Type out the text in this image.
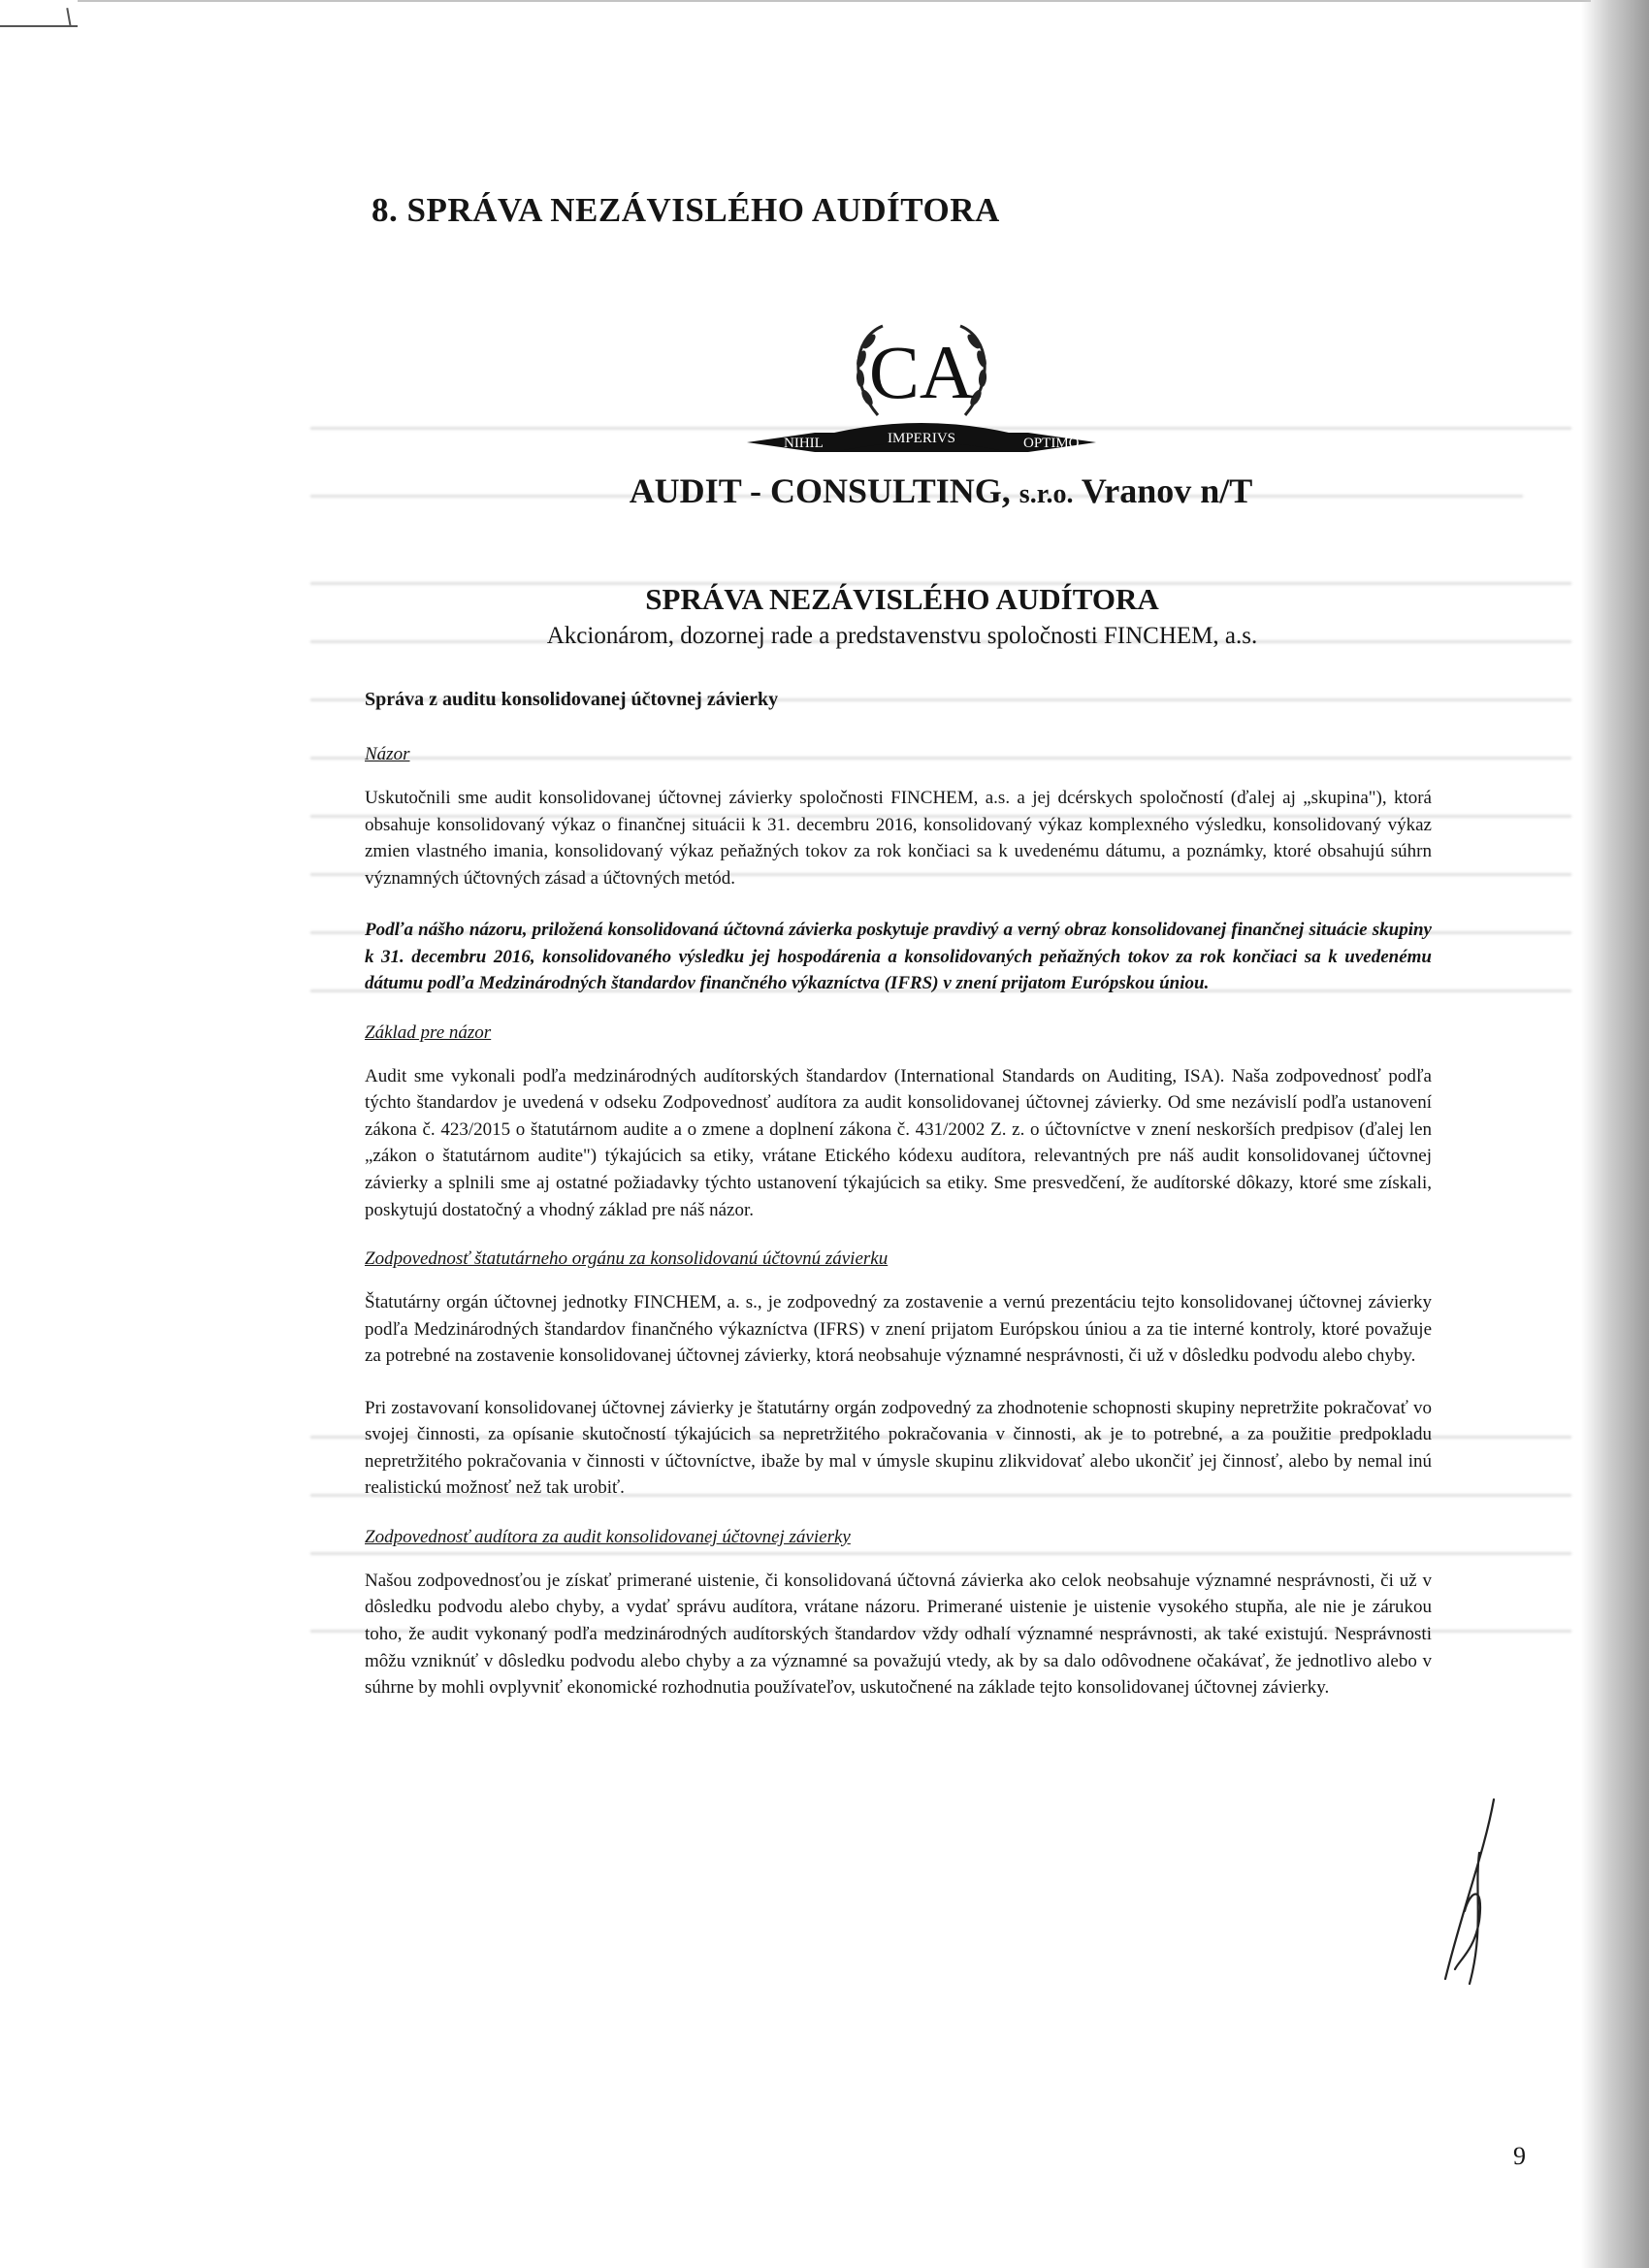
8. SPRÁVA NEZÁVISLÉHO AUDÍTORA
CA
NIHIL	IMPERIVS	OPTIMO
AUDIT - CONSULTING, s.r.o. Vranov n/T
SPRÁVA NEZÁVISLÉHO AUDÍTORA
Akcionárom, dozornej rade a predstavenstvu spoločnosti FINCHEM, a.s.
Správa z auditu konsolidovanej účtovnej závierky
Názor

Uskutočnili sme audit konsolidovanej účtovnej závierky spoločnosti FINCHEM, a.s. a jej dcérskych spoločností (ďalej aj „skupina"), ktorá obsahuje konsolidovaný výkaz o finančnej situácii k 31. decembru 2016, konsolidovaný výkaz komplexného výsledku, konsolidovaný výkaz zmien vlastného imania, konsolidovaný výkaz peňažných tokov za rok končiaci sa k uvedenému dátumu, a poznámky, ktoré obsahujú súhrn významných účtovných zásad a účtovných metód.

Podľa nášho názoru, priložená konsolidovaná účtovná závierka poskytuje pravdivý a verný obraz konsolidovanej finančnej situácie skupiny k 31. decembru 2016, konsolidovaného výsledku jej hospodárenia a konsolidovaných peňažných tokov za rok končiaci sa k uvedenému dátumu podľa Medzinárodných štandardov finančného výkazníctva (IFRS) v znení prijatom Európskou úniou.

Základ pre názor

Audit sme vykonali podľa medzinárodných audítorských štandardov (International Standards on Auditing, ISA). Naša zodpovednosť podľa týchto štandardov je uvedená v odseku Zodpovednosť audítora za audit konsolidovanej účtovnej závierky. Od sme nezávislí podľa ustanovení zákona č. 423/2015 o štatutárnom audite a o zmene a doplnení zákona č. 431/2002 Z. z. o účtovníctve v znení neskorších predpisov (ďalej len „zákon o štatutárnom audite") týkajúcich sa etiky, vrátane Etického kódexu audítora, relevantných pre náš audit konsolidovanej účtovnej závierky a splnili sme aj ostatné požiadavky týchto ustanovení týkajúcich sa etiky. Sme presvedčení, že audítorské dôkazy, ktoré sme získali, poskytujú dostatočný a vhodný základ pre náš názor.

Zodpovednosť štatutárneho orgánu za konsolidovanú účtovnú závierku

Štatutárny orgán účtovnej jednotky FINCHEM, a. s., je zodpovedný za zostavenie a vernú prezentáciu tejto konsolidovanej účtovnej závierky podľa Medzinárodných štandardov finančného výkazníctva (IFRS) v znení prijatom Európskou úniou a za tie interné kontroly, ktoré považuje za potrebné na zostavenie konsolidovanej účtovnej závierky, ktorá neobsahuje významné nesprávnosti, či už v dôsledku podvodu alebo chyby.

Pri zostavovaní konsolidovanej účtovnej závierky je štatutárny orgán zodpovedný za zhodnotenie schopnosti skupiny nepretržite pokračovať vo svojej činnosti, za opísanie skutočností týkajúcich sa nepretržitého pokračovania v činnosti, ak je to potrebné, a za použitie predpokladu nepretržitého pokračovania v činnosti v účtovníctve, ibaže by mal v úmysle skupinu zlikvidovať alebo ukončiť jej činnosť, alebo by nemal inú realistickú možnosť než tak urobiť.

Zodpovednosť audítora za audit konsolidovanej účtovnej závierky

Našou zodpovednosťou je získať primerané uistenie, či konsolidovaná účtovná závierka ako celok neobsahuje významné nesprávnosti, či už v dôsledku podvodu alebo chyby, a vydať správu audítora, vrátane názoru. Primerané uistenie je uistenie vysokého stupňa, ale nie je zárukou toho, že audit vykonaný podľa medzinárodných audítorských štandardov vždy odhalí významné nesprávnosti, ak také existujú. Nesprávnosti môžu vzniknúť v dôsledku podvodu alebo chyby a za významné sa považujú vtedy, ak by sa dalo odôvodnene očakávať, že jednotlivo alebo v súhrne by mohli ovplyvniť ekonomické rozhodnutia používateľov, uskutočnené na základe tejto konsolidovanej účtovnej závierky.

9
